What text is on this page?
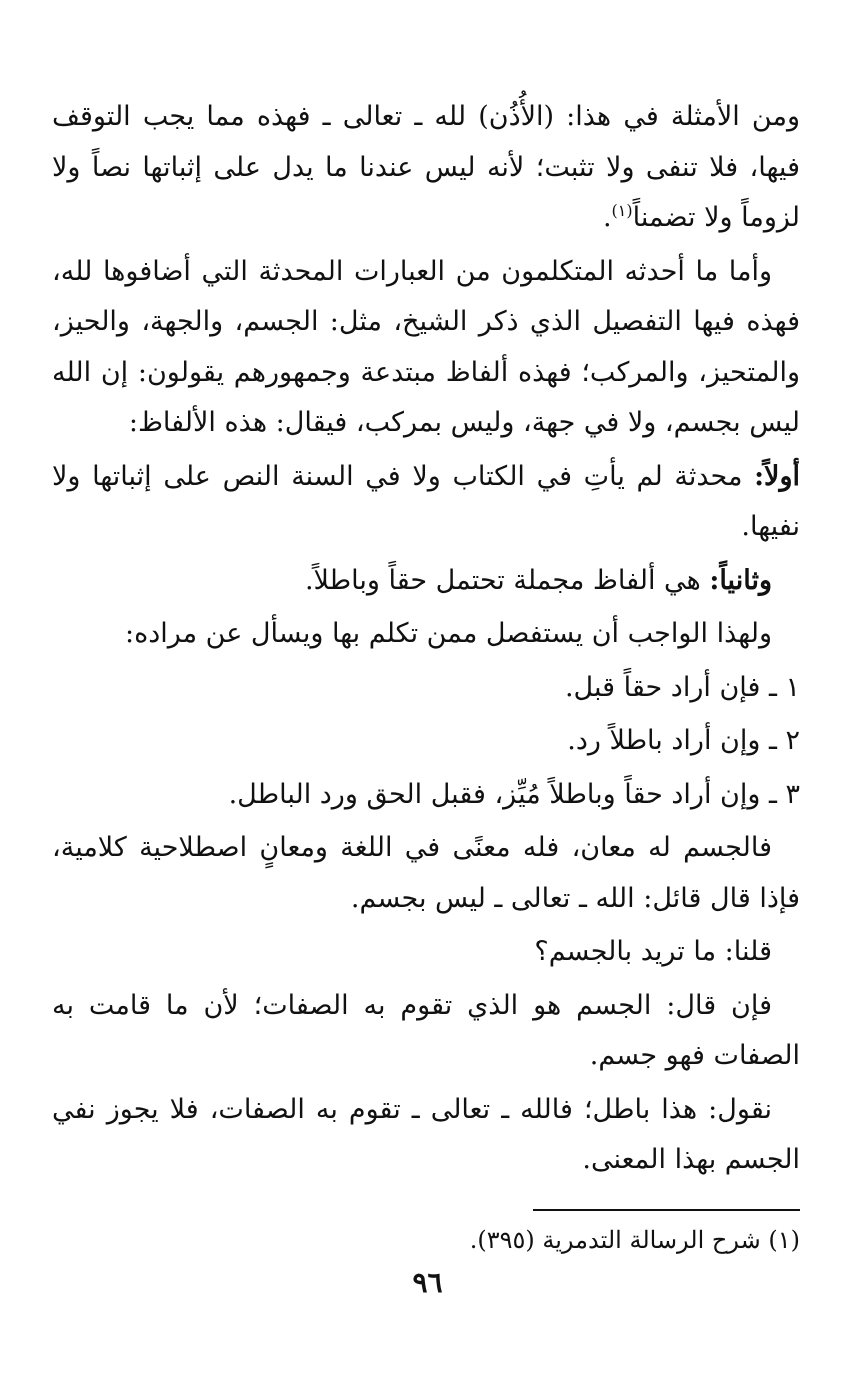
ومن الأمثلة في هذا: (الأُذُن) لله ـ تعالى ـ فهذه مما يجب التوقف فيها، فلا تنفى ولا تثبت؛ لأنه ليس عندنا ما يدل على إثباتها نصاً ولا لزوماً ولا تضمناً$^{(١)}$.

وأما ما أحدثه المتكلمون من العبارات المحدثة التي أضافوها لله، فهذه فيها التفصيل الذي ذكر الشيخ، مثل: الجسم، والجهة، والحيز، والمتحيز، والمركب؛ فهذه ألفاظ مبتدعة وجمهورهم يقولون: إن الله ليس بجسم، ولا في جهة، وليس بمركب، فيقال: هذه الألفاظ:

أولاً: محدثة لم يأتِ في الكتاب ولا في السنة النص على إثباتها ولا نفيها.

وثانياً: هي ألفاظ مجملة تحتمل حقاً وباطلاً.

ولهذا الواجب أن يستفصل ممن تكلم بها ويسأل عن مراده:

١ ـ فإن أراد حقاً قبل.

٢ ـ وإن أراد باطلاً رد.

٣ ـ وإن أراد حقاً وباطلاً مُيِّز، فقبل الحق ورد الباطل.

فالجسم له معان، فله معنًى في اللغة ومعانٍ اصطلاحية كلامية، فإذا قال قائل: الله ـ تعالى ـ ليس بجسم.

قلنا: ما تريد بالجسم؟

فإن قال: الجسم هو الذي تقوم به الصفات؛ لأن ما قامت به الصفات فهو جسم.

نقول: هذا باطل؛ فالله ـ تعالى ـ تقوم به الصفات، فلا يجوز نفي الجسم بهذا المعنى.

(١) شرح الرسالة التدمرية (٣٩٥).
٩٦
